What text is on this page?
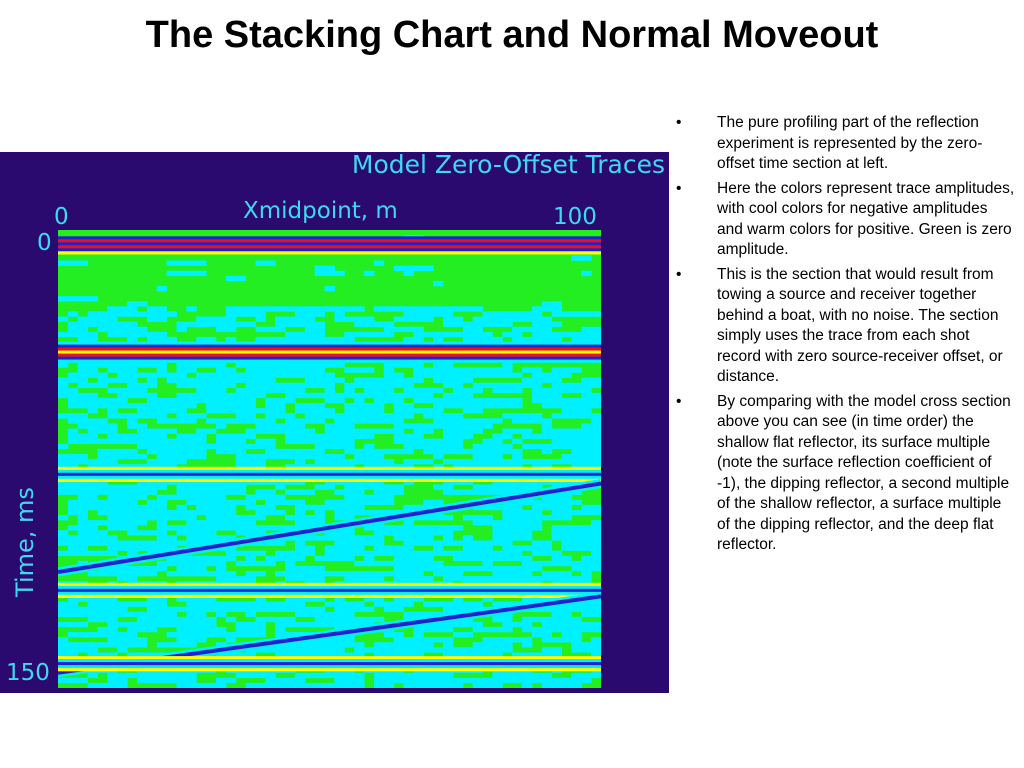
The Stacking Chart and Normal Moveout
Model Zero-Offset Traces
Xmidpoint, m
0	100
0
150
Time, ms
• The pure profiling part of the reflection experiment is represented by the zero-offset time section at left.
• Here the colors represent trace amplitudes, with cool colors for negative amplitudes and warm colors for positive. Green is zero amplitude.
• This is the section that would result from towing a source and receiver together behind a boat, with no noise. The section simply uses the trace from each shot record with zero source-receiver offset, or distance.
• By comparing with the model cross section above you can see (in time order) the shallow flat reflector, its surface multiple (note the surface reflection coefficient of -1), the dipping reflector, a second multiple of the shallow reflector, a surface multiple of the dipping reflector, and the deep flat reflector.
